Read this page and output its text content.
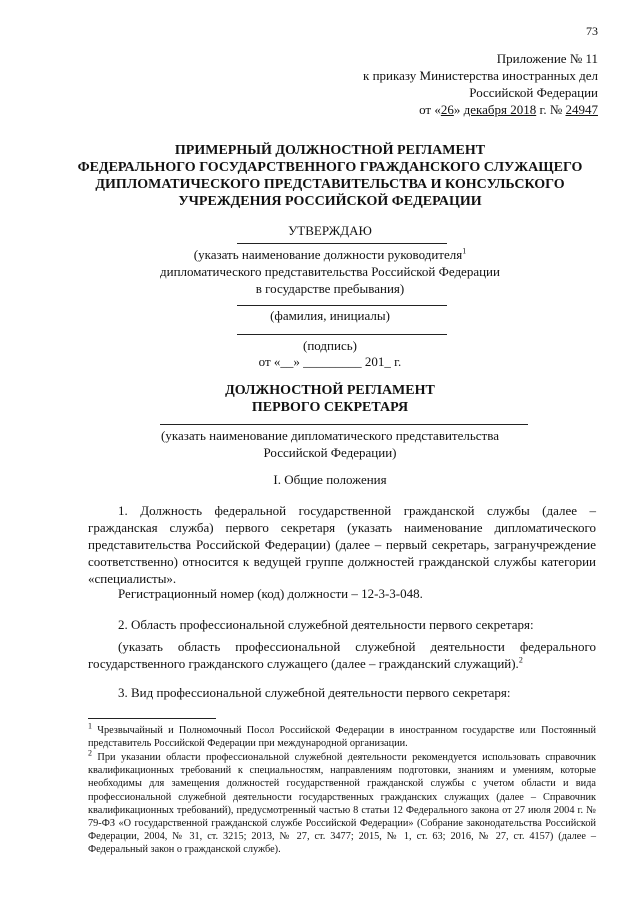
73
Приложение № 11
к приказу Министерства иностранных дел
Российской Федерации
от «26» декабря 2018 г. № 24947
ПРИМЕРНЫЙ ДОЛЖНОСТНОЙ РЕГЛАМЕНТ
ФЕДЕРАЛЬНОГО ГОСУДАРСТВЕННОГО ГРАЖДАНСКОГО СЛУЖАЩЕГО
ДИПЛОМАТИЧЕСКОГО ПРЕДСТАВИТЕЛЬСТВА И КОНСУЛЬСКОГО
УЧРЕЖДЕНИЯ РОССИЙСКОЙ ФЕДЕРАЦИИ
УТВЕРЖДАЮ
(указать наименование должности руководителя$^1$
дипломатического представительства Российской Федерации
в государстве пребывания)
(фамилия, инициалы)
(подпись)
от «__» _________ 201_ г.
ДОЛЖНОСТНОЙ РЕГЛАМЕНТ
ПЕРВОГО СЕКРЕТАРЯ
(указать наименование дипломатического представительства
Российской Федерации)
I. Общие положения
1. Должность федеральной государственной гражданской службы (далее – гражданская служба) первого секретаря (указать наименование дипломатического представительства Российской Федерации) (далее – первый секретарь, загранучреждение соответственно) относится к ведущей группе должностей гражданской службы категории «специалисты».
Регистрационный номер (код) должности – 12-3-3-048.
2. Область профессиональной служебной деятельности первого секретаря:
(указать область профессиональной служебной деятельности федерального государственного гражданского служащего (далее – гражданский служащий).$^2$
3. Вид профессиональной служебной деятельности первого секретаря:
$^1$ Чрезвычайный и Полномочный Посол Российской Федерации в иностранном государстве или Постоянный представитель Российской Федерации при международной организации.
$^2$ При указании области профессиональной служебной деятельности рекомендуется использовать справочник квалификационных требований к специальностям, направлениям подготовки, знаниям и умениям, которые необходимы для замещения должностей государственной гражданской службы с учетом области и вида профессиональной служебной деятельности государственных гражданских служащих (далее – Справочник квалификационных требований), предусмотренный частью 8 статьи 12 Федерального закона от 27 июля 2004 г. № 79-ФЗ «О государственной гражданской службе Российской Федерации» (Собрание законодательства Российской Федерации, 2004, № 31, ст. 3215; 2013, № 27, ст. 3477; 2015, № 1, ст. 63; 2016, № 27, ст. 4157) (далее – Федеральный закон о гражданской службе).
